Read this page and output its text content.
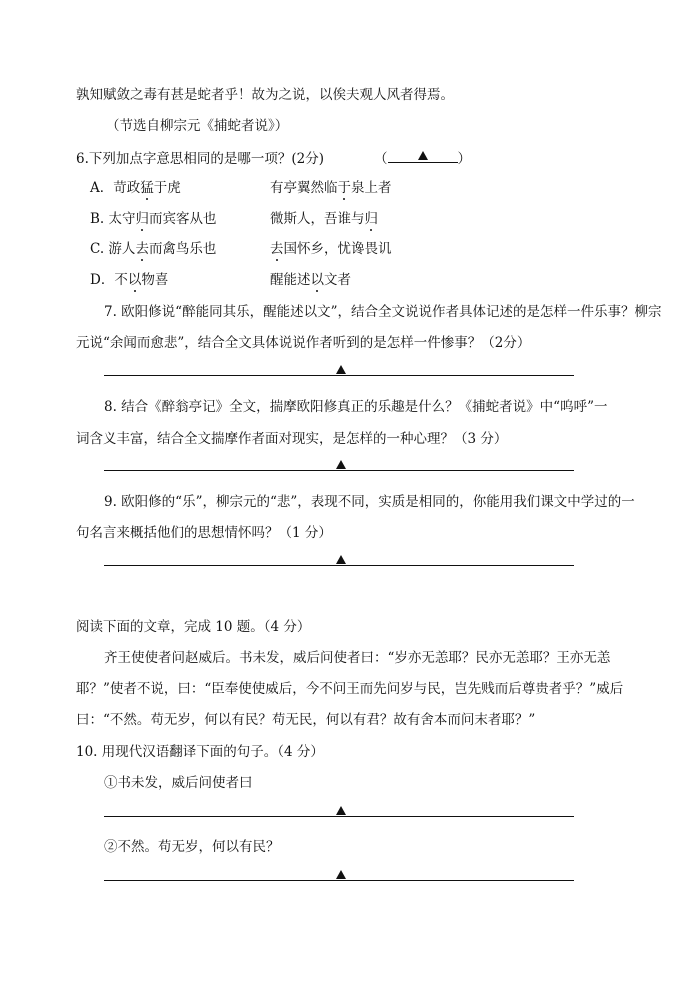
孰知赋敛之毒有甚是蛇者乎！故为之说，以俟夫观人风者得焉。
（节选自柳宗元《捕蛇者说》）
6.下列加点字意思相同的是哪一项？(2分)	（	）
A．苛政猛于虎	有亭翼然临于泉上者
B. 太守归而宾客从也	微斯人，吾谁与归
C. 游人去而禽鸟乐也	去国怀乡，忧谗畏讥
D．不以物喜	醒能述以文者
7. 欧阳修说“醉能同其乐，醒能述以文”，结合全文说说作者具体记述的是怎样一件乐事？柳宗
元说“余闻而愈悲”，结合全文具体说说作者听到的是怎样一件惨事？（2分）
8. 结合《醉翁亭记》全文，揣摩欧阳修真正的乐趣是什么？《捕蛇者说》中“呜呼”一
词含义丰富，结合全文揣摩作者面对现实，是怎样的一种心理？（3 分）
9. 欧阳修的“乐”，柳宗元的“悲”，表现不同，实质是相同的，你能用我们课文中学过的一
句名言来概括他们的思想情怀吗？（1 分）
阅读下面的文章，完成 10 题。（4 分）
齐王使使者问赵威后。书未发，威后问使者曰：“岁亦无恙耶？民亦无恙耶？王亦无恙
耶？”使者不说，曰：“臣奉使使威后，今不问王而先问岁与民，岂先贱而后尊贵者乎？”威后
曰：“不然。苟无岁，何以有民？苟无民，何以有君？故有舍本而问末者耶？”
10. 用现代汉语翻译下面的句子。（4 分）
①书未发，威后问使者曰
②不然。苟无岁，何以有民？
